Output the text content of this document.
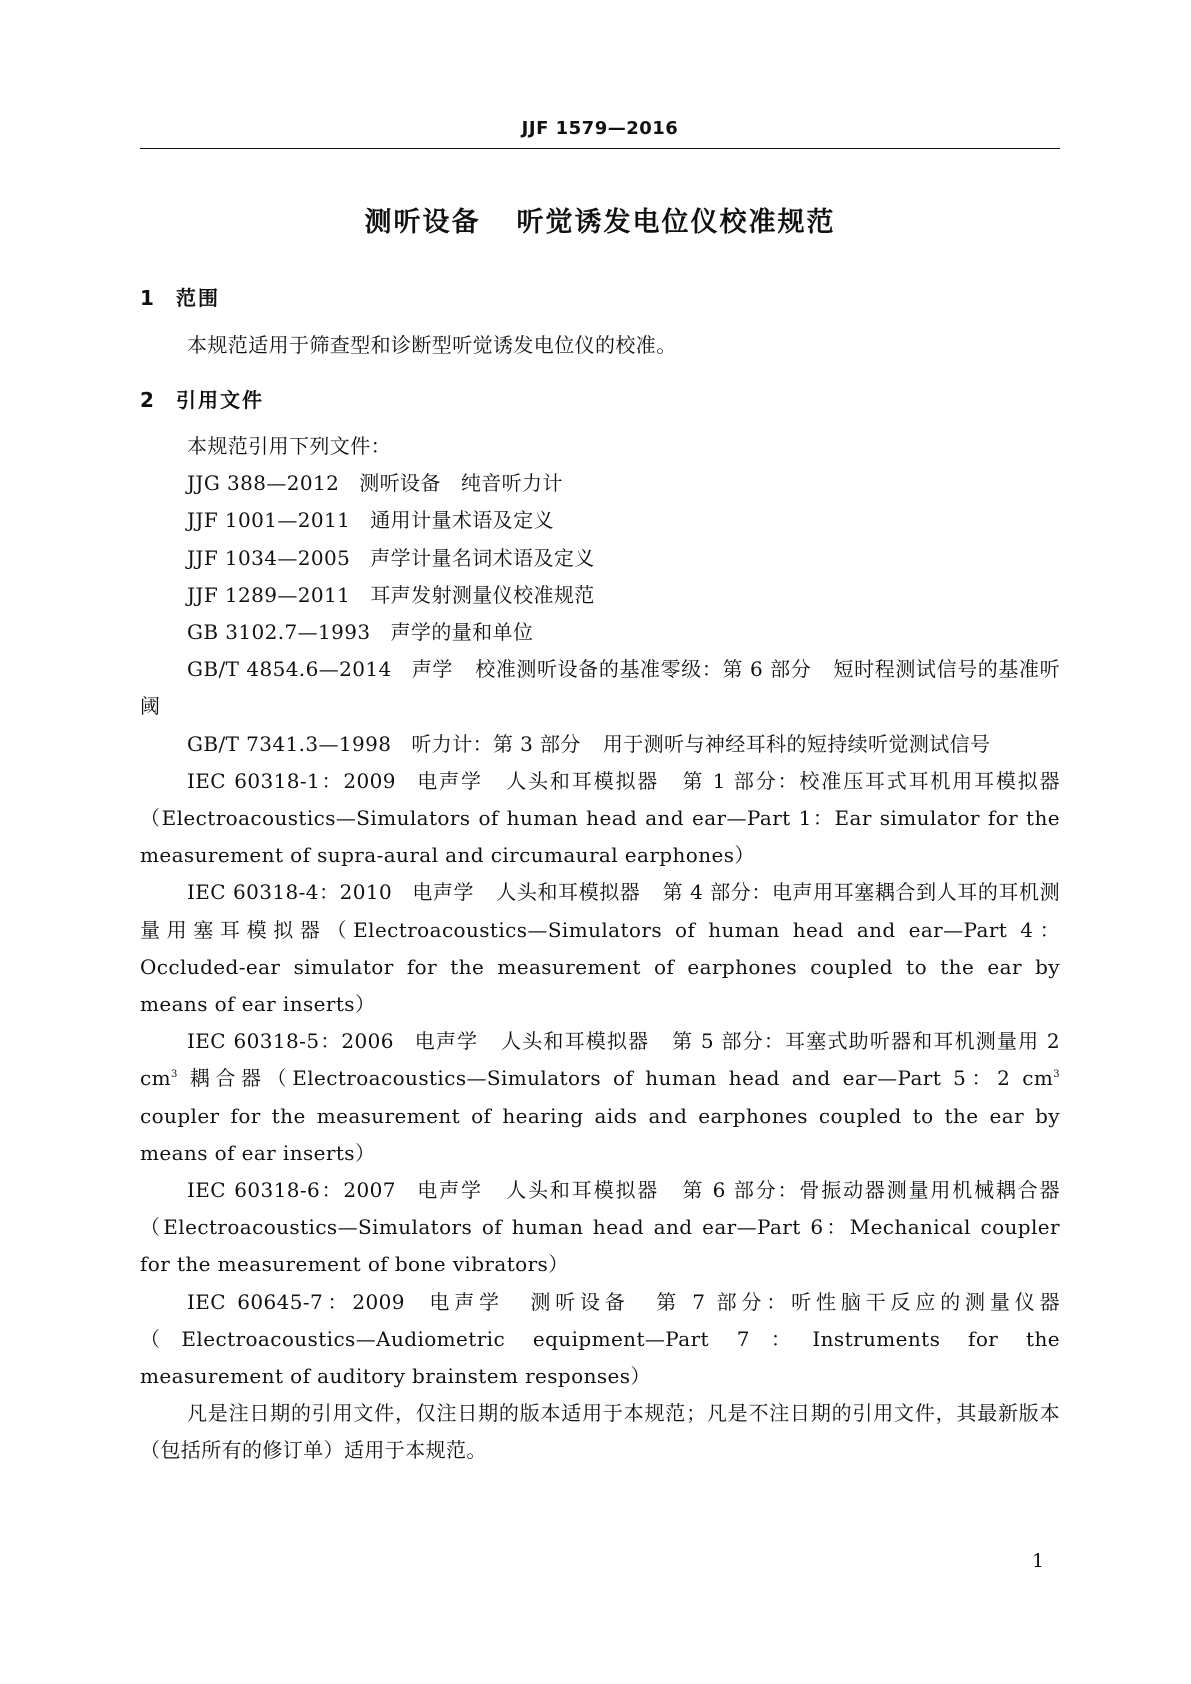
JJF 1579—2016
测听设备 听觉诱发电位仪校准规范
1 范围

本规范适用于筛查型和诊断型听觉诱发电位仪的校准。

2 引用文件

本规范引用下列文件：

JJG 388—2012 测听设备 纯音听力计

JJF 1001—2011 通用计量术语及定义

JJF 1034—2005 声学计量名词术语及定义

JJF 1289—2011 耳声发射测量仪校准规范

GB 3102.7—1993 声学的量和单位

GB/T 4854.6—2014 声学 校准测听设备的基准零级：第 6 部分 短时程测试信号的基准听阈

GB/T 7341.3—1998 听力计：第 3 部分 用于测听与神经耳科的短持续听觉测试信号

IEC 60318-1：2009 电声学 人头和耳模拟器 第 1 部分：校准压耳式耳机用耳模拟器（Electroacoustics—Simulators of human head and ear—Part 1：Ear simulator for the measurement of supra-aural and circumaural earphones）

IEC 60318-4：2010 电声学 人头和耳模拟器 第 4 部分：电声用耳塞耦合到人耳的耳机测量用塞耳模拟器（Electroacoustics—Simulators of human head and ear—Part 4：Occluded-ear simulator for the measurement of earphones coupled to the ear by means of ear inserts）

IEC 60318-5：2006 电声学 人头和耳模拟器 第 5 部分：耳塞式助听器和耳机测量用 2 $cm^3$ 耦合器（Electroacoustics—Simulators of human head and ear—Part 5：2 $cm^3$ coupler for the measurement of hearing aids and earphones coupled to the ear by means of ear inserts）

IEC 60318-6：2007 电声学 人头和耳模拟器 第 6 部分：骨振动器测量用机械耦合器（Electroacoustics—Simulators of human head and ear—Part 6：Mechanical coupler for the measurement of bone vibrators）

IEC 60645-7：2009 电声学 测听设备 第 7 部分：听性脑干反应的测量仪器（Electroacoustics—Audiometric equipment—Part 7：Instruments for the measurement of auditory brainstem responses）

凡是注日期的引用文件，仅注日期的版本适用于本规范；凡是不注日期的引用文件，其最新版本（包括所有的修订单）适用于本规范。

1
